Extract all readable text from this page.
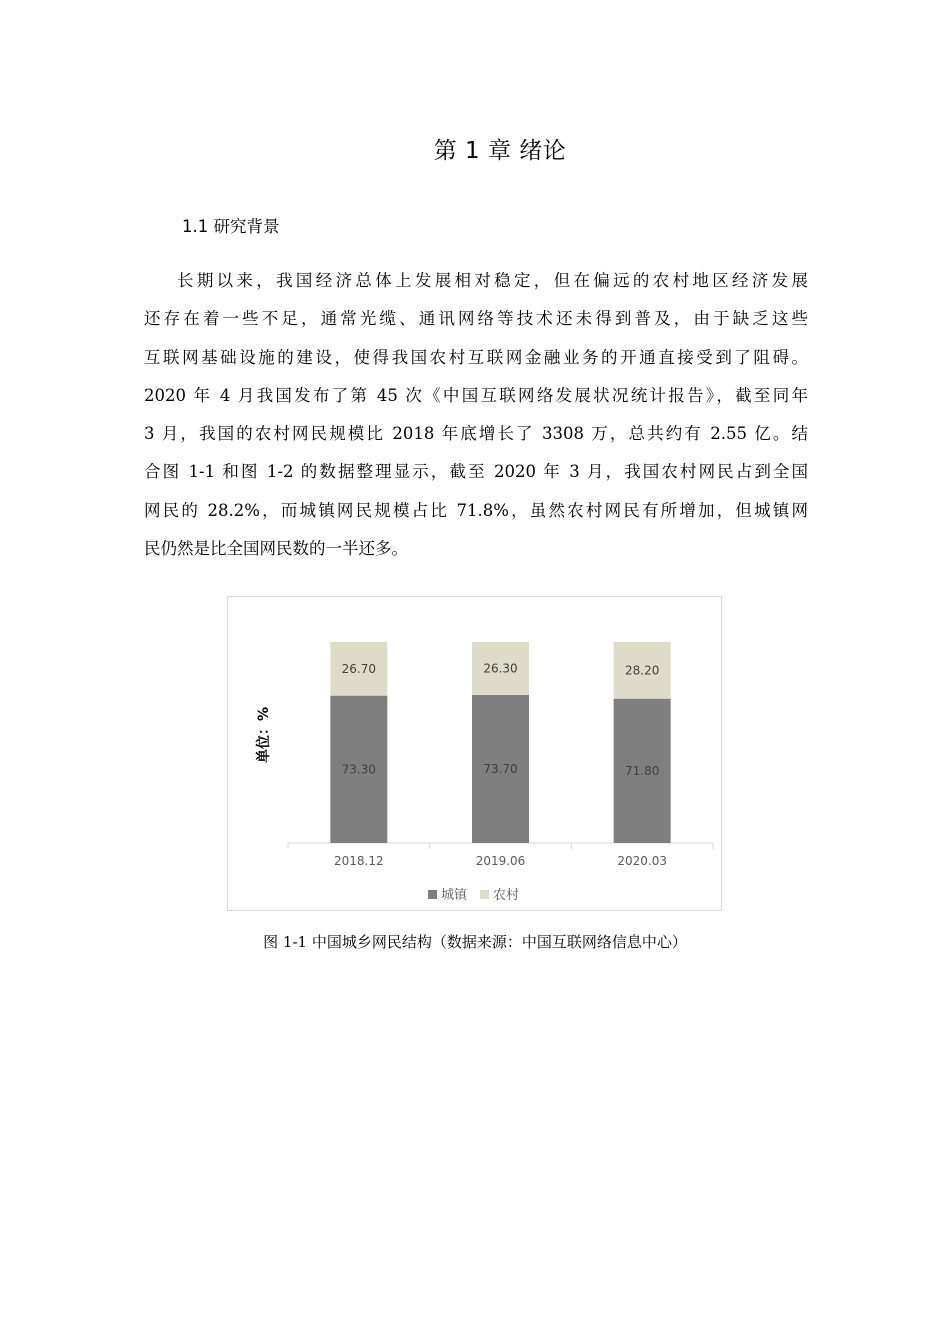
第 1 章 绪论
1.1 研究背景
长期以来，我国经济总体上发展相对稳定，但在偏远的农村地区经济发展
还存在着一些不足，通常光缆、通讯网络等技术还未得到普及，由于缺乏这些
互联网基础设施的建设，使得我国农村互联网金融业务的开通直接受到了阻碍。
2020 年 4 月我国发布了第 45 次《中国互联网络发展状况统计报告》，截至同年
3 月，我国的农村网民规模比 2018 年底增长了 3308 万，总共约有 2.55 亿。结
合图 1-1 和图 1-2 的数据整理显示，截至 2020 年 3 月，我国农村网民占到全国
网民的 28.2%，而城镇网民规模占比 71.8%，虽然农村网民有所增加，但城镇网
民仍然是比全国网民数的一半还多。
73.30
26.70
2018.12
73.70
26.30
2019.06
71.80
28.20
2020.03
单位：%
城镇 农村

图 1-1 中国城乡网民结构（数据来源：中国互联网络信息中心）
